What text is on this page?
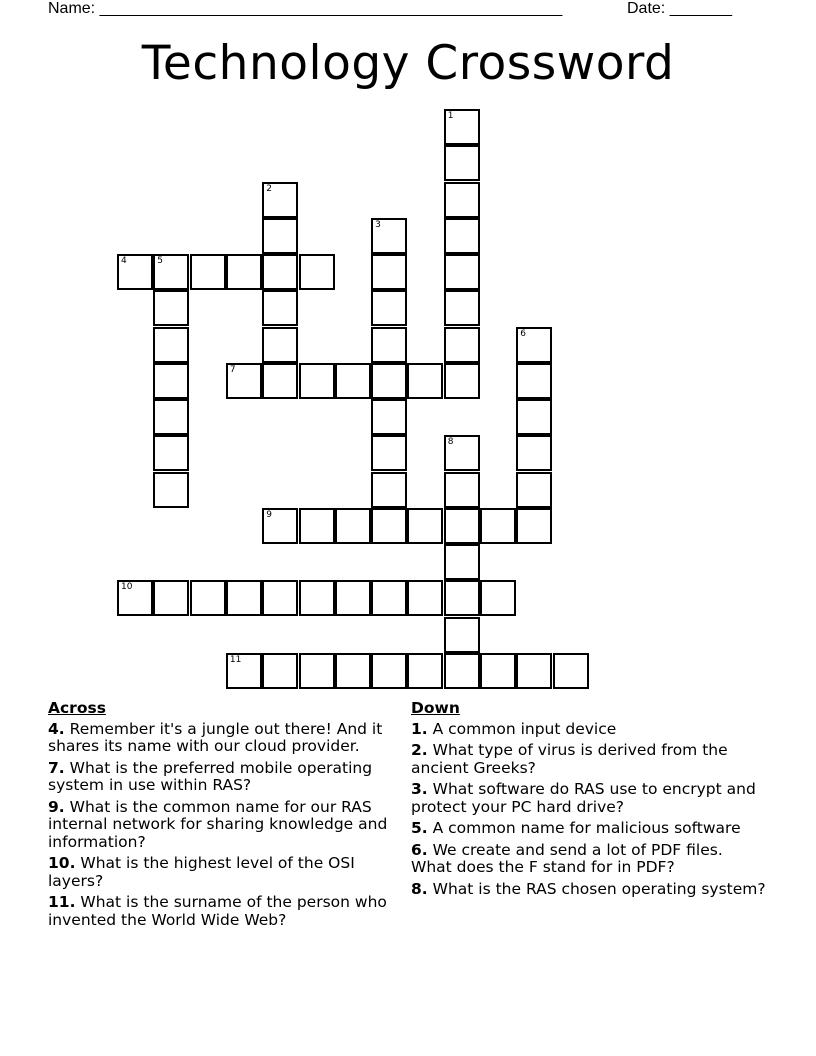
Name: ____________________________________________________	Date: _______
Technology Crossword
4	5
7
9
10
11
1
2
3
6
8
Across
4. Remember it's a jungle out there! And it shares its name with our cloud provider.
7. What is the preferred mobile operating system in use within RAS?
9. What is the common name for our RAS internal network for sharing knowledge and information?
10. What is the highest level of the OSI layers?
11. What is the surname of the person who invented the World Wide Web?
Down
1. A common input device
2. What type of virus is derived from the ancient Greeks?
3. What software do RAS use to encrypt and protect your PC hard drive?
5. A common name for malicious software
6. We create and send a lot of PDF files. What does the F stand for in PDF?
8. What is the RAS chosen operating system?
